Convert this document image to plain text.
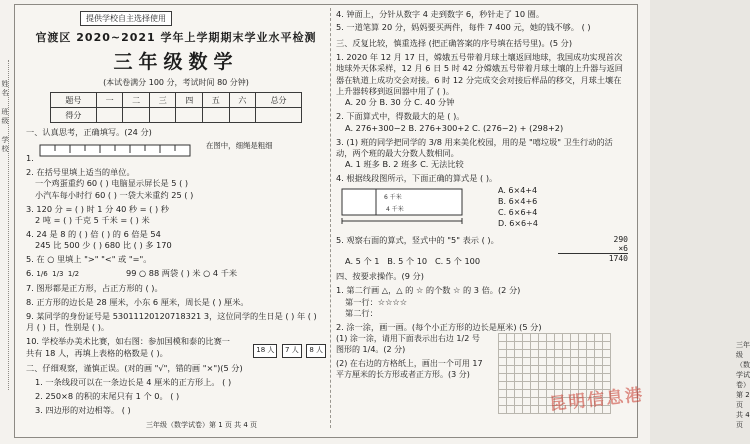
姓名
班级
学校
提供学校自主选择使用
官渡区 2020~2021 学年上学期期末学业水平检测
三年级数学
(本试卷满分 100 分，考试时间 80 分钟)
题号	一	二	三	四	五	六	总分
得分							
一、认真思考，正确填写。(24 分)
1.
在图中，细绳是粗细
2. 在括号里填上适当的单位。
一个鸡蛋重约 60 ( ) 电脑显示屏长是 5 ( )
小汽车每小时行 60 ( ) 一袋大米重约 25 ( )
3. 120 分 = ( ) 时 1 分 40 秒 = ( ) 秒
2 吨 = ( ) 千克 5 千米 = ( ) 米
4. 24 是 8 的 ( ) 倍 ( ) 的 6 倍是 54
245 比 500 少 ( ) 680 比 ( ) 多 170
5. 在 ○ 里填上 ">" "<" 或 "="。
6. 1/6 1/3 1/2	99 ○ 88 两袋 ( ) 米 ○ 4 千米
7. 图形都是正方形，占正方形的 ( )。
8. 正方形的边长是 28 厘米，小东 6 厘米，周长是 ( ) 厘米。
9. 某同学的身份证号是 53011120120718321 3，这位同学的生日是 ( ) 年 ( ) 月 ( ) 日，性别是 ( )。
10. 学校举办美术比赛，如右图：参加国模和泰的比赛一共有 18 人，再填上表格的格数是 ( )。	18 人 7 人 8 人
二、仔细观察，谨慎正误。(对的画 "√"，错的画 "×")(5 分)
1. 一条线段可以在一条边长是 4 厘米的正方形上。 ( )
2. 250×8 的积的末尾只有 1 个 0。 ( )
3. 四边形的对边相等。 ( )
三年级（数学试卷）第 1 页 共 4 页
4. 钟面上，分针从数字 4 走到数字 6，秒针走了 10 圈。
5. 一道笔算 20 分，妈妈要买两件，每件 7 400 元，她的钱不够。 ( )
三、反复比较，慎重选择 (把正确答案的序号填在括号里)。(5 分)
1. 2020 年 12 月 17 日，嫦娥五号带着月球土壤返回地球，我国成功实现首次地球外天体采样，12 月 6 日 5 时 42 分嫦娥五号带着月球土壤的上升器与返回器在轨道上成功交会对接。6 时 12 分完成交会对接后样品的移交，月球土壤在上升器转移到返回器中用了 ( )。
A. 20 分 B. 30 分 C. 40 分钟
2. 下面算式中，得数最大的是 ( )。
A. 276+300−2 B. 276+300+2 C. (276−2) + (298+2)
3. (1) 班的同学把同学的 3/8 用来美化校园，用的是 "嘻垃圾" 卫生行动的活动，两个班的最大分数人数相同。
A. 1 班多 B. 2 班多 C. 无法比较
4. 根据线段图所示，下面正确的算式是 ( )。
6 千米
4 千米
A. 6×4+4
B. 6×4+6
C. 6×6+4
D. 6×6÷4
5. 观察右面的算式，竖式中的 "5" 表示 ( )。
A. 5 个 1 B. 5 个 10 C. 5 个 100
290
×6
1740
四、按要求操作。(9 分)
1. 第二行画 △，△ 的 ☆ 的个数 ☆ 的 3 倍。(2 分)
第一行：☆☆☆☆
第二行：
2. 涂一涂，画一画。(每个小正方形的边长是厘米) (5 分)
(1) 涂一涂，请用下面表示出右边 1/2 号图形的 1/4。(2 分)
(2) 在右边的方格纸上，画出一个可用 17 平方厘米的长方形或者正方形。(3 分)

三年级（数学试卷）第 2 页 共 4 页
昆明信息港
